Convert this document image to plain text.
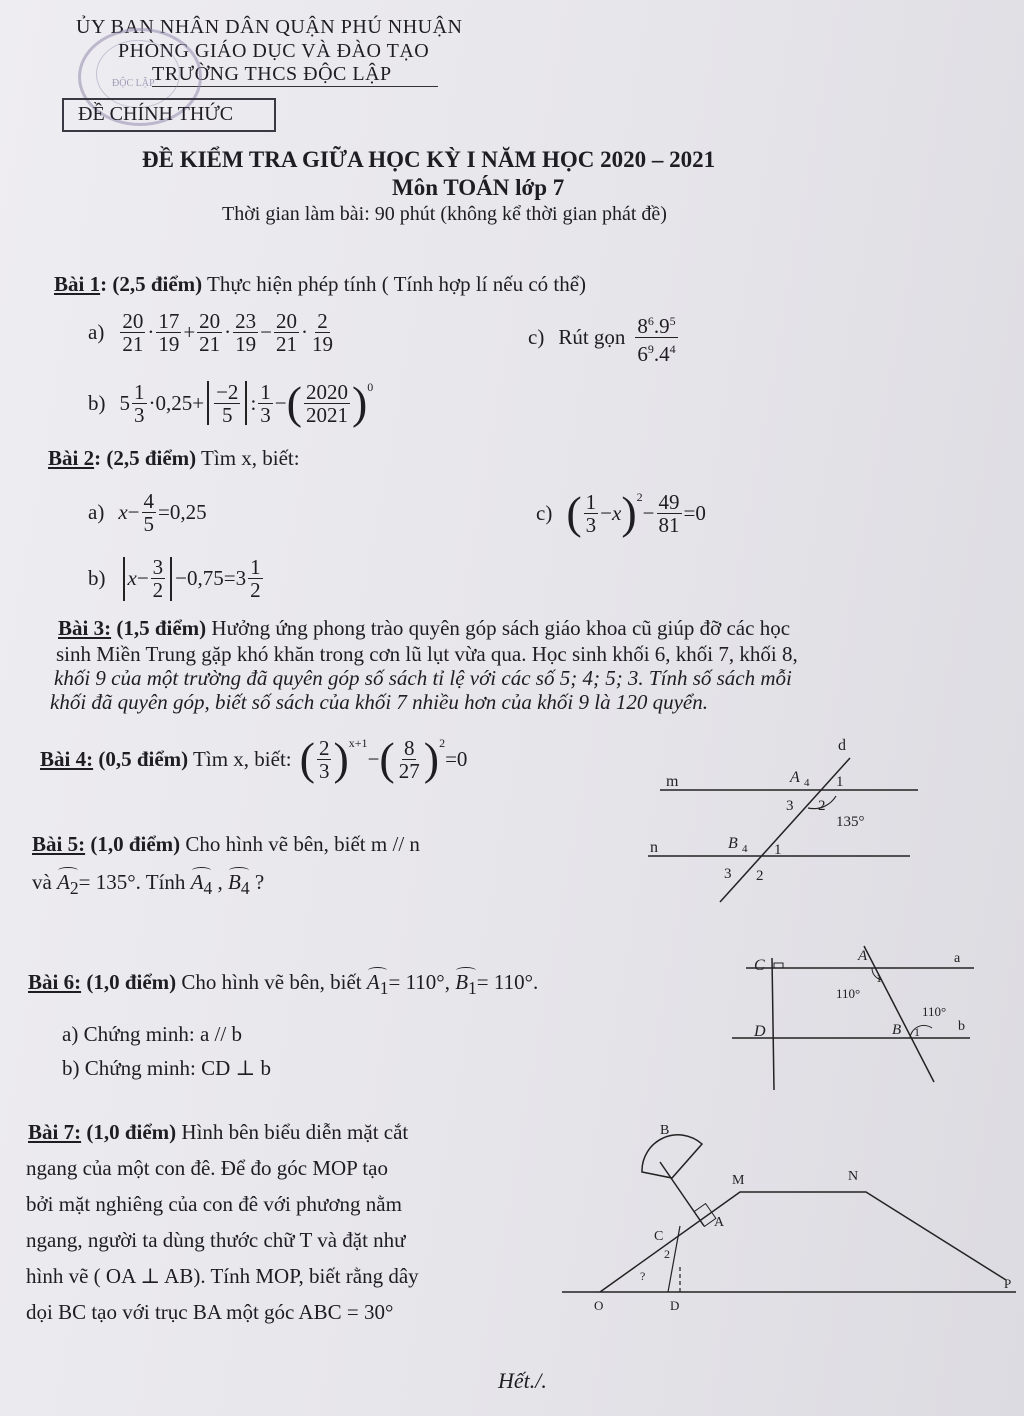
ỦY BAN NHÂN DÂN QUẬN PHÚ NHUẬN
PHÒNG GIÁO DỤC VÀ ĐÀO TẠO
TRƯỜNG THCS ĐỘC LẬP
ĐỘC LẬP
ĐỀ CHÍNH THỨC
ĐỀ KIỂM TRA GIỮA HỌC KỲ I NĂM HỌC 2020 – 2021
Môn TOÁN lớp 7
Thời gian làm bài: 90 phút (không kể thời gian phát đề)
Bài 1: (2,5 điểm) Thực hiện phép tính ( Tính hợp lí nếu có thể)
$a) \frac{20}{21} \cdot \frac{17}{19} + \frac{20}{21} \cdot \frac{23}{19} - \frac{20}{21} \cdot \frac{2}{19}$	c) Rút gọn $\frac{8^6.9^5}{6^9.4^4}$
b) $5 \frac{1}{3} \cdot 0,25+ \frac{-2}{5}$ : $\frac{1}{3}$ − ( $\frac{2020}{2021} )^0$
Bài 2: (2,5 điểm) Tìm x, biết:
a) $x - \frac{4}{5} =0,25$	c) ( $\frac{1}{3} - x$ )$^2$
− $\frac{49}{81} =0$
b) $x - \frac{3}{2} -0,75=3 \frac{1}{2}$
Bài 3: (1,5 điểm) Hưởng ứng phong trào quyên góp sách giáo khoa cũ giúp đỡ các học
sinh Miền Trung gặp khó khăn trong cơn lũ lụt vừa qua. Học sinh khối 6, khối 7, khối 8,
khối 9 của một trường đã quyên góp số sách tỉ lệ với các số 5; 4; 5; 3. Tính số sách mỗi
khối đã quyên góp, biết số sách của khối 7 nhiều hơn của khối 9 là 120 quyển.
Bài 4: (0,5 điểm) Tìm x, biết: ( $\frac{2}{3} )^{x+1}$
− ( $\frac{8}{27} )^2$
=0
d
m	A 4 1
3 2
135°
n	B 4 1
3 2
Bài 5: (1,0 điểm) Cho hình vẽ bên, biết m // n
và $A_2= 135^\circ$. Tính $A_4$ , $B_4$ ?
C
A	a
1
110°
110°
B 1	b
D
Bài 6: (1,0 điểm) Cho hình vẽ bên, biết $A_1= 110^\circ$, $B_1= 110^\circ$.
a) Chứng minh: a // b
b) Chứng minh: CD ⊥ b
Bài 7: (1,0 điểm) Hình bên biểu diễn mặt cắt
ngang của một con đê. Để đo góc MOP tạo
bởi mặt nghiêng của con đê với phương nằm
ngang, người ta dùng thước chữ T và đặt như
hình vẽ ( OA ⊥ AB). Tính MOP, biết rằng dây
dọi BC tạo với trục BA một góc ABC = 30°
B
M	N
A
C
2
?
O	D
P
Hết./.
